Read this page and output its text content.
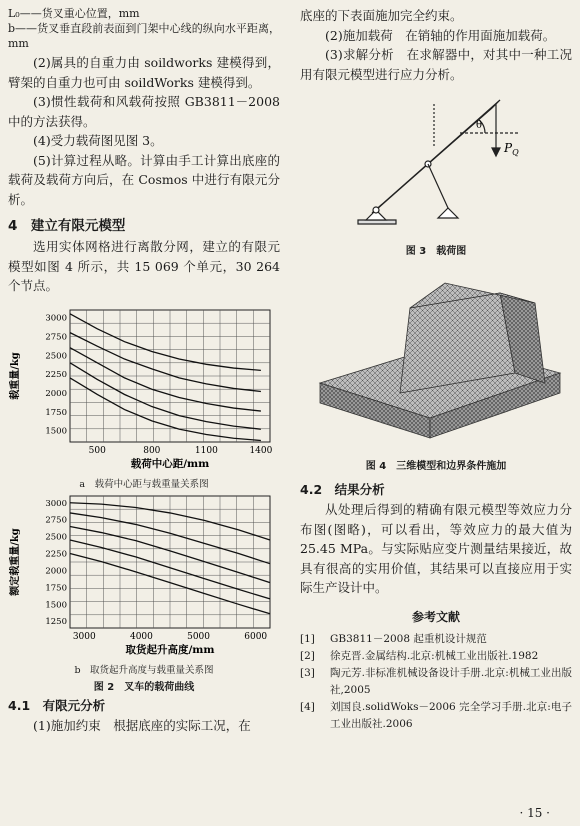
L₀——货叉重心位置，mm

b——货叉垂直段前表面到门架中心线的纵向水平距离，mm

(2)属具的自重力由 soildworks 建模得到，臂架的自重力也可由 soildWorks 建模得到。

(3)惯性载荷和风载荷按照 GB3811－2008 中的方法获得。

(4)受力载荷图见图 3。

(5)计算过程从略。计算由手工计算出底座的载荷及载荷方向后，在 Cosmos 中进行有限元分析。

4　建立有限元模型

选用实体网格进行离散分网，建立的有限元模型如图 4 所示，共 15 069 个单元，30 264 个节点。

500	800	1100	1400
1500
1750
2000
2250
2500
2750
3000
载荷中心距/mm
载重量/kg
a　载荷中心距与载重量关系图
3000	4000	5000	6000
1250
1500
1750
2000
2250
2500
2750
3000
取货起升高度/mm
额定载重量/kg
b　取货起升高度与载重量关系图
图 2　叉车的载荷曲线
4.1　有限元分析

(1)施加约束　根据底座的实际工况，在

底座的下表面施加完全约束。

(2)施加载荷　在销轴的作用面施加载荷。

(3)求解分析　在求解器中，对其中一种工况用有限元模型进行应力分析。

θ
$P_Q$
图 3　载荷图
图 4　三维模型和边界条件施加
4.2　结果分析

从处理后得到的精确有限元模型等效应力分布图(图略)，可以看出，等效应力的最大值为 25.45 MPa。与实际贴应变片测量结果接近，故具有很高的实用价值，其结果可以直接应用于实际生产设计中。

参考文献

[1] GB3811－2008 起重机设计规范

[2] 徐克晋.金属结构.北京:机械工业出版社.1982

[3] 陶元芳.非标准机械设备设计手册.北京:机械工业出版社,2005

[4] 刘国良.solidWoks－2006 完全学习手册.北京:电子工业出版社.2006

· 15 ·
